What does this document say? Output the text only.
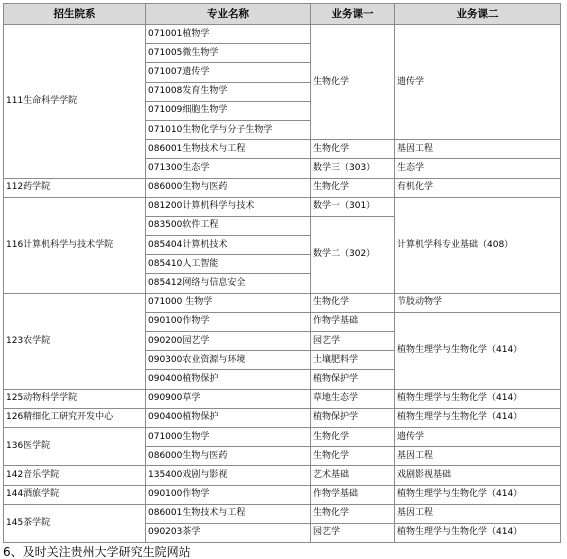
招生院系	专业名称	业务课一	业务课二
111生命科学学院	071001植物学	生物化学	遗传学
	071005微生物学		
	071007遗传学		
	071008发育生物学		
	071009细胞生物学		
	071010生物化学与分子生物学		
	086001生物技术与工程	生物化学	基因工程
	071300生态学	数学三（303）	生态学
112药学院	086000生物与医药	生物化学	有机化学
116计算机科学与技术学院	081200计算机科学与技术	数学一（301）	计算机学科专业基础（408）
	083500软件工程	数学二（302）	
	085404计算机技术		
	085410人工智能		
	085412网络与信息安全		
123农学院	071000 生物学	生物化学	节肢动物学
	090100作物学	作物学基础	植物生理学与生物化学（414）
	090200园艺学	园艺学	
	090300农业资源与环境	土壤肥料学	
	090400植物保护	植物保护学	
125动物科学学院	090900草学	草地生态学	植物生理学与生物化学（414）
126精细化工研究开发中心	090400植物保护	植物保护学	植物生理学与生物化学（414）
136医学院	071000生物学	生物化学	遗传学
	086000生物与医药	生物化学	基因工程
142音乐学院	135400戏剧与影视	艺术基础	戏剧影视基础
144酒旅学院	090100作物学	作物学基础	植物生理学与生物化学（414）
145茶学院	086001生物技术与工程	生物化学	基因工程
	090203茶学	园艺学	植物生理学与生物化学（414）
6、及时关注贵州大学研究生院网站
